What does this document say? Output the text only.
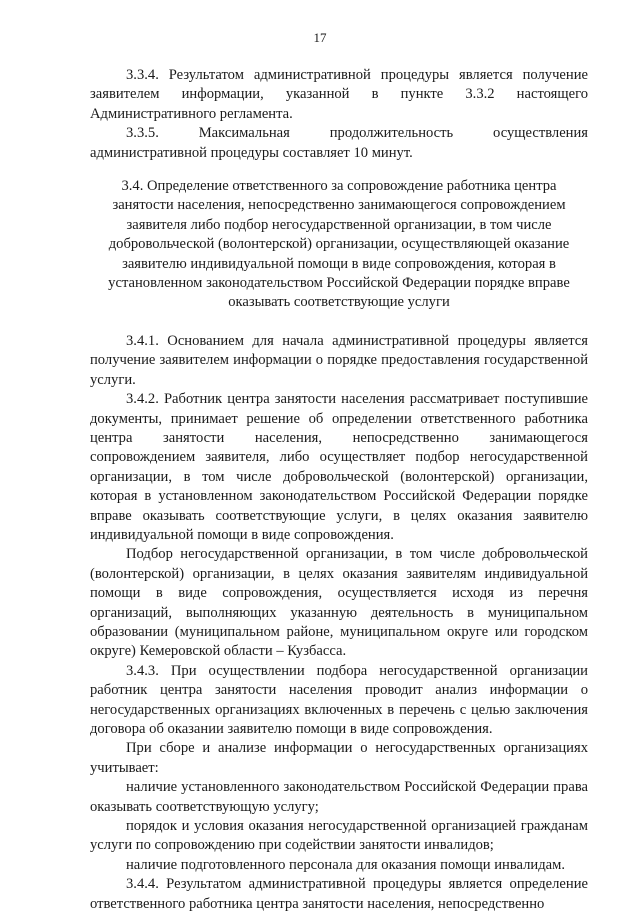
17

3.3.4. Результатом административной процедуры является получение заявителем информации, указанной в пункте 3.3.2 настоящего Административного регламента.

3.3.5. Максимальная продолжительность осуществления административной процедуры составляет 10 минут.

3.4. Определение ответственного за сопровождение работника центра занятости населения, непосредственно занимающегося сопровождением заявителя либо подбор негосударственной организации, в том числе добровольческой (волонтерской) организации, осуществляющей оказание заявителю индивидуальной помощи в виде сопровождения, которая в установленном законодательством Российской Федерации порядке вправе оказывать соответствующие услуги

3.4.1. Основанием для начала административной процедуры является получение заявителем информации о порядке предоставления государственной услуги.

3.4.2. Работник центра занятости населения рассматривает поступившие документы, принимает решение об определении ответственного работника центра занятости населения, непосредственно занимающегося сопровождением заявителя, либо осуществляет подбор негосударственной организации, в том числе добровольческой (волонтерской) организации, которая в установленном законодательством Российской Федерации порядке вправе оказывать соответствующие услуги, в целях оказания заявителю индивидуальной помощи в виде сопровождения.

Подбор негосударственной организации, в том числе добровольческой (волонтерской) организации, в целях оказания заявителям индивидуальной помощи в виде сопровождения, осуществляется исходя из перечня организаций, выполняющих указанную деятельность в муниципальном образовании (муниципальном районе, муниципальном округе или городском округе) Кемеровской области – Кузбасса.

3.4.3. При осуществлении подбора негосударственной организации работник центра занятости населения проводит анализ информации о негосударственных организациях включенных в перечень с целью заключения договора об оказании заявителю помощи в виде сопровождения.

При сборе и анализе информации о негосударственных организациях учитывает:

наличие установленного законодательством Российской Федерации права оказывать соответствующую услугу;

порядок и условия оказания негосударственной организацией гражданам услуги по сопровождению при содействии занятости инвалидов;

наличие подготовленного персонала для оказания помощи инвалидам.

3.4.4. Результатом административной процедуры является определение ответственного работника центра занятости населения, непосредственно
